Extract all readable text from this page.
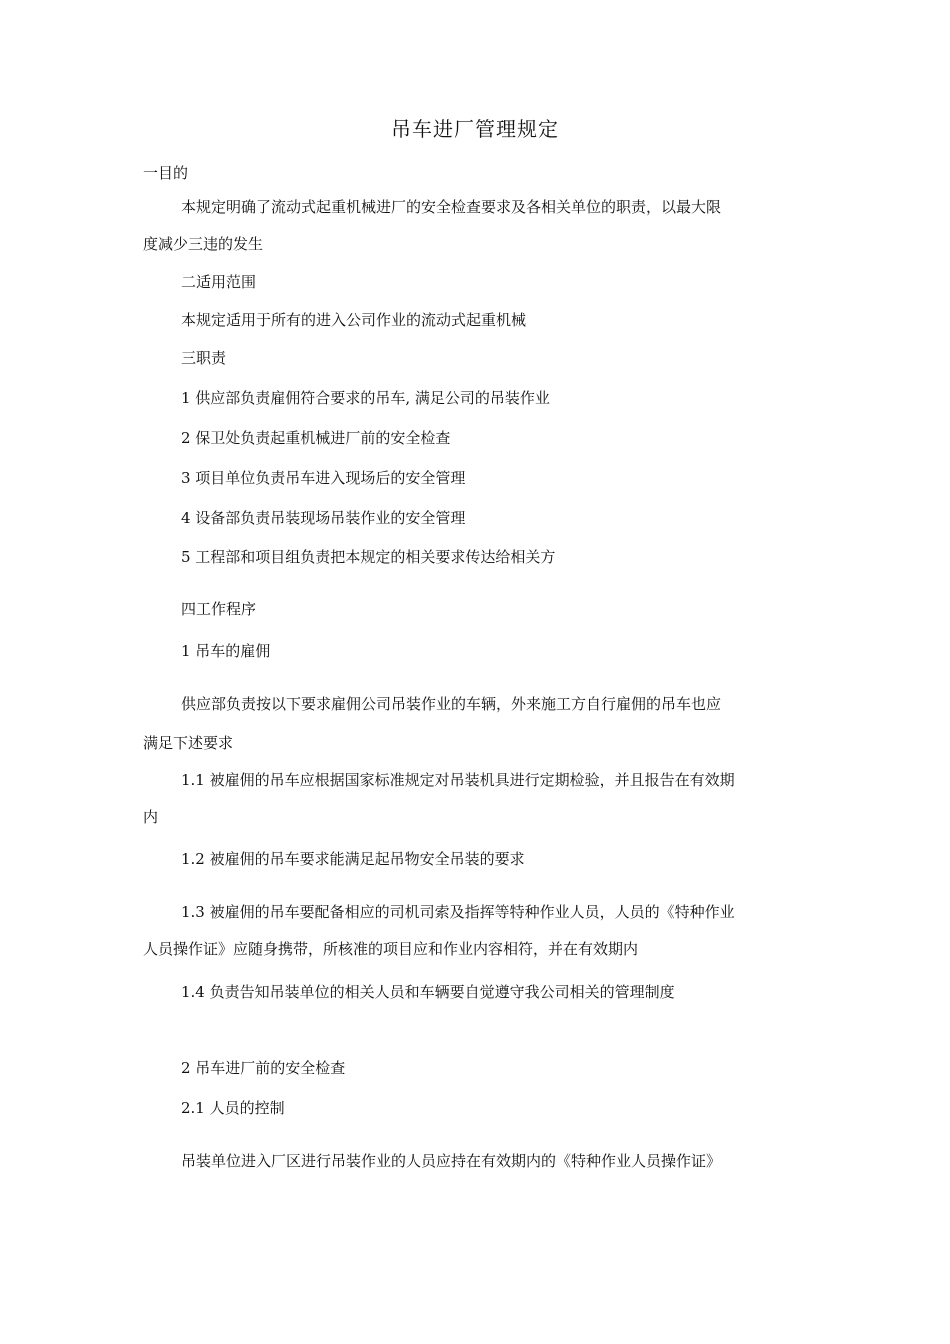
吊车进厂管理规定
一目的
本规定明确了流动式起重机械进厂的安全检查要求及各相关单位的职责，以最大限
度减少三违的发生
二适用范围
本规定适用于所有的进入公司作业的流动式起重机械
三职责
1 供应部负责雇佣符合要求的吊车, 满足公司的吊装作业
2 保卫处负责起重机械进厂前的安全检查
3 项目单位负责吊车进入现场后的安全管理
4 设备部负责吊装现场吊装作业的安全管理
5 工程部和项目组负责把本规定的相关要求传达给相关方
四工作程序
1 吊车的雇佣
供应部负责按以下要求雇佣公司吊装作业的车辆，外来施工方自行雇佣的吊车也应
满足下述要求
1.1 被雇佣的吊车应根据国家标准规定对吊装机具进行定期检验，并且报告在有效期
内
1.2 被雇佣的吊车要求能满足起吊物安全吊装的要求
1.3 被雇佣的吊车要配备相应的司机司索及指挥等特种作业人员，人员的《特种作业
人员操作证》应随身携带，所核准的项目应和作业内容相符，并在有效期内
1.4 负责告知吊装单位的相关人员和车辆要自觉遵守我公司相关的管理制度
2 吊车进厂前的安全检查
2.1 人员的控制
吊装单位进入厂区进行吊装作业的人员应持在有效期内的《特种作业人员操作证》
